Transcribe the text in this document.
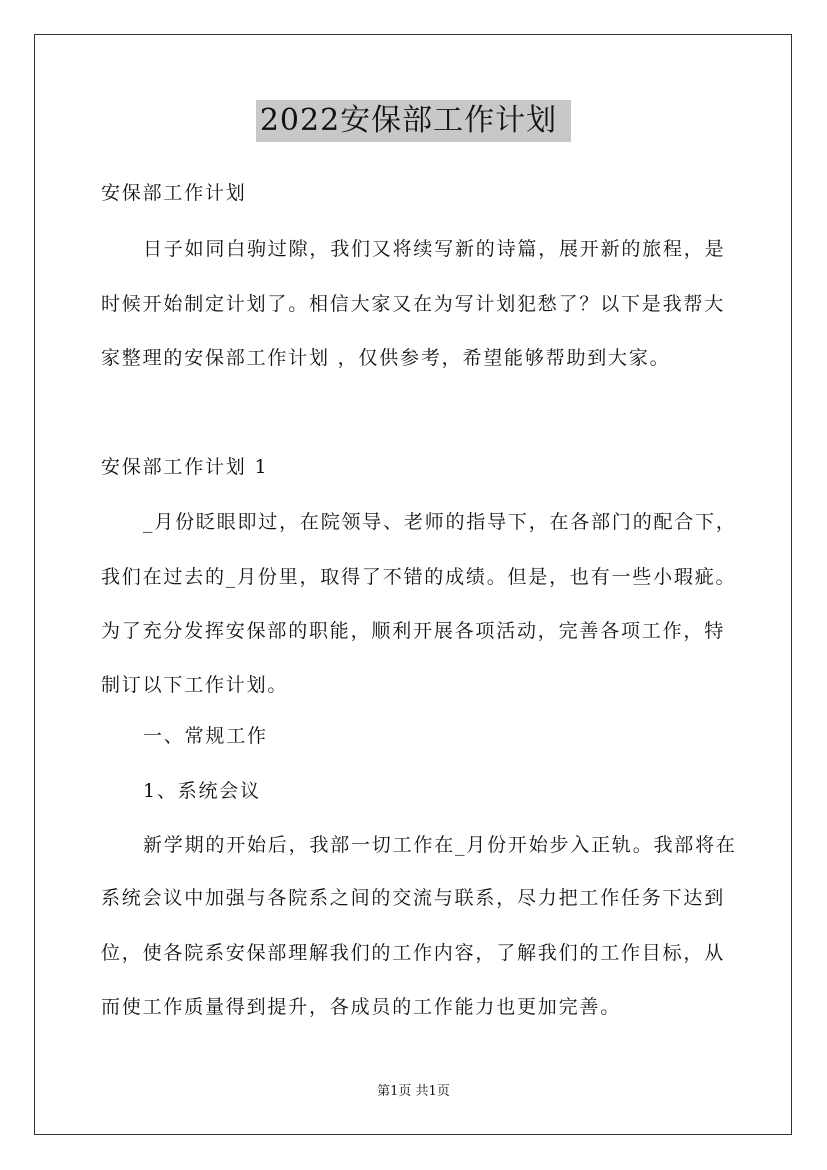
2022安保部工作计划
安保部工作计划
日子如同白驹过隙，我们又将续写新的诗篇，展开新的旅程，是
时候开始制定计划了。相信大家又在为写计划犯愁了？以下是我帮大
家整理的安保部工作计划 ，仅供参考，希望能够帮助到大家。
安保部工作计划 1
_月份眨眼即过，在院领导、老师的指导下，在各部门的配合下，
我们在过去的_月份里，取得了不错的成绩。但是，也有一些小瑕疵。
为了充分发挥安保部的职能，顺利开展各项活动，完善各项工作，特
制订以下工作计划。
一、常规工作
1、系统会议
新学期的开始后，我部一切工作在_月份开始步入正轨。我部将在
系统会议中加强与各院系之间的交流与联系，尽力把工作任务下达到
位，使各院系安保部理解我们的工作内容，了解我们的工作目标，从
而使工作质量得到提升，各成员的工作能力也更加完善。
第1页 共1页
